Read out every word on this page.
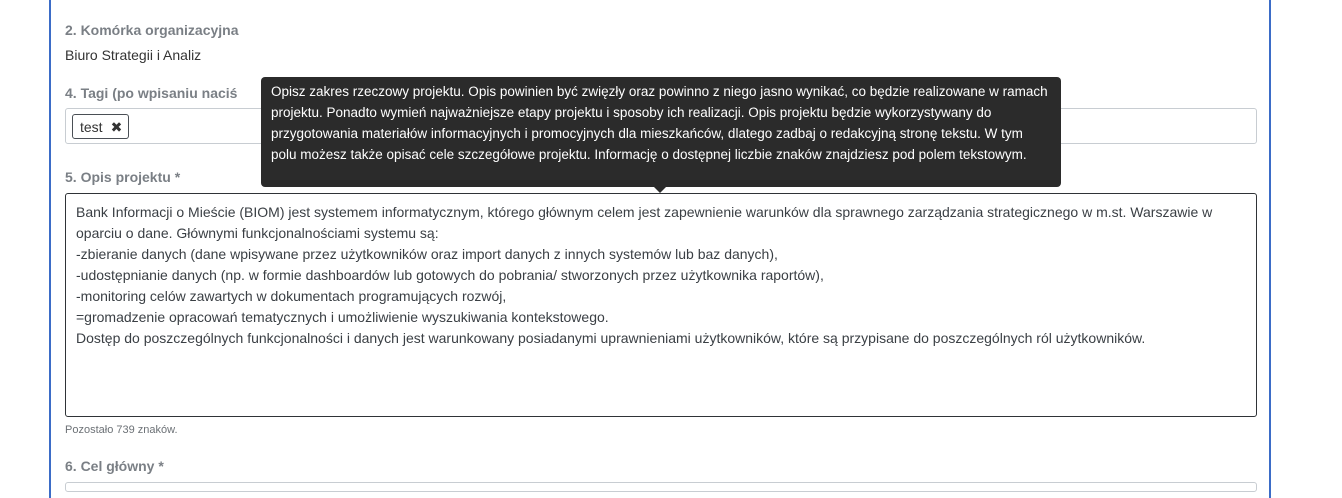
2. Komórka organizacyjna
Biuro Strategii i Analiz
4. Tagi (po wpisaniu naciś
test ✖
5. Opis projektu *
Bank Informacji o Mieście (BIOM) jest systemem informatycznym, którego głównym celem jest zapewnienie warunków dla sprawnego zarządzania strategicznego w m.st. Warszawie w oparciu o dane. Głównymi funkcjonalnościami systemu są:
-zbieranie danych (dane wpisywane przez użytkowników oraz import danych z innych systemów lub baz danych),
-udostępnianie danych (np. w formie dashboardów lub gotowych do pobrania/ stworzonych przez użytkownika raportów),
-monitoring celów zawartych w dokumentach programujących rozwój,
=gromadzenie opracowań tematycznych i umożliwienie wyszukiwania kontekstowego.
Dostęp do poszczególnych funkcjonalności i danych jest warunkowany posiadanymi uprawnieniami użytkowników, które są przypisane do poszczególnych ról użytkowników.
Pozostało 739 znaków.
6. Cel główny *
Opisz zakres rzeczowy projektu. Opis powinien być zwięzły oraz powinno z niego jasno wynikać, co będzie realizowane w ramach projektu. Ponadto wymień najważniejsze etapy projektu i sposoby ich realizacji. Opis projektu będzie wykorzystywany do przygotowania materiałów informacyjnych i promocyjnych dla mieszkańców, dlatego zadbaj o redakcyjną stronę tekstu. W tym polu możesz także opisać cele szczegółowe projektu. Informację o dostępnej liczbie znaków znajdziesz pod polem tekstowym.
